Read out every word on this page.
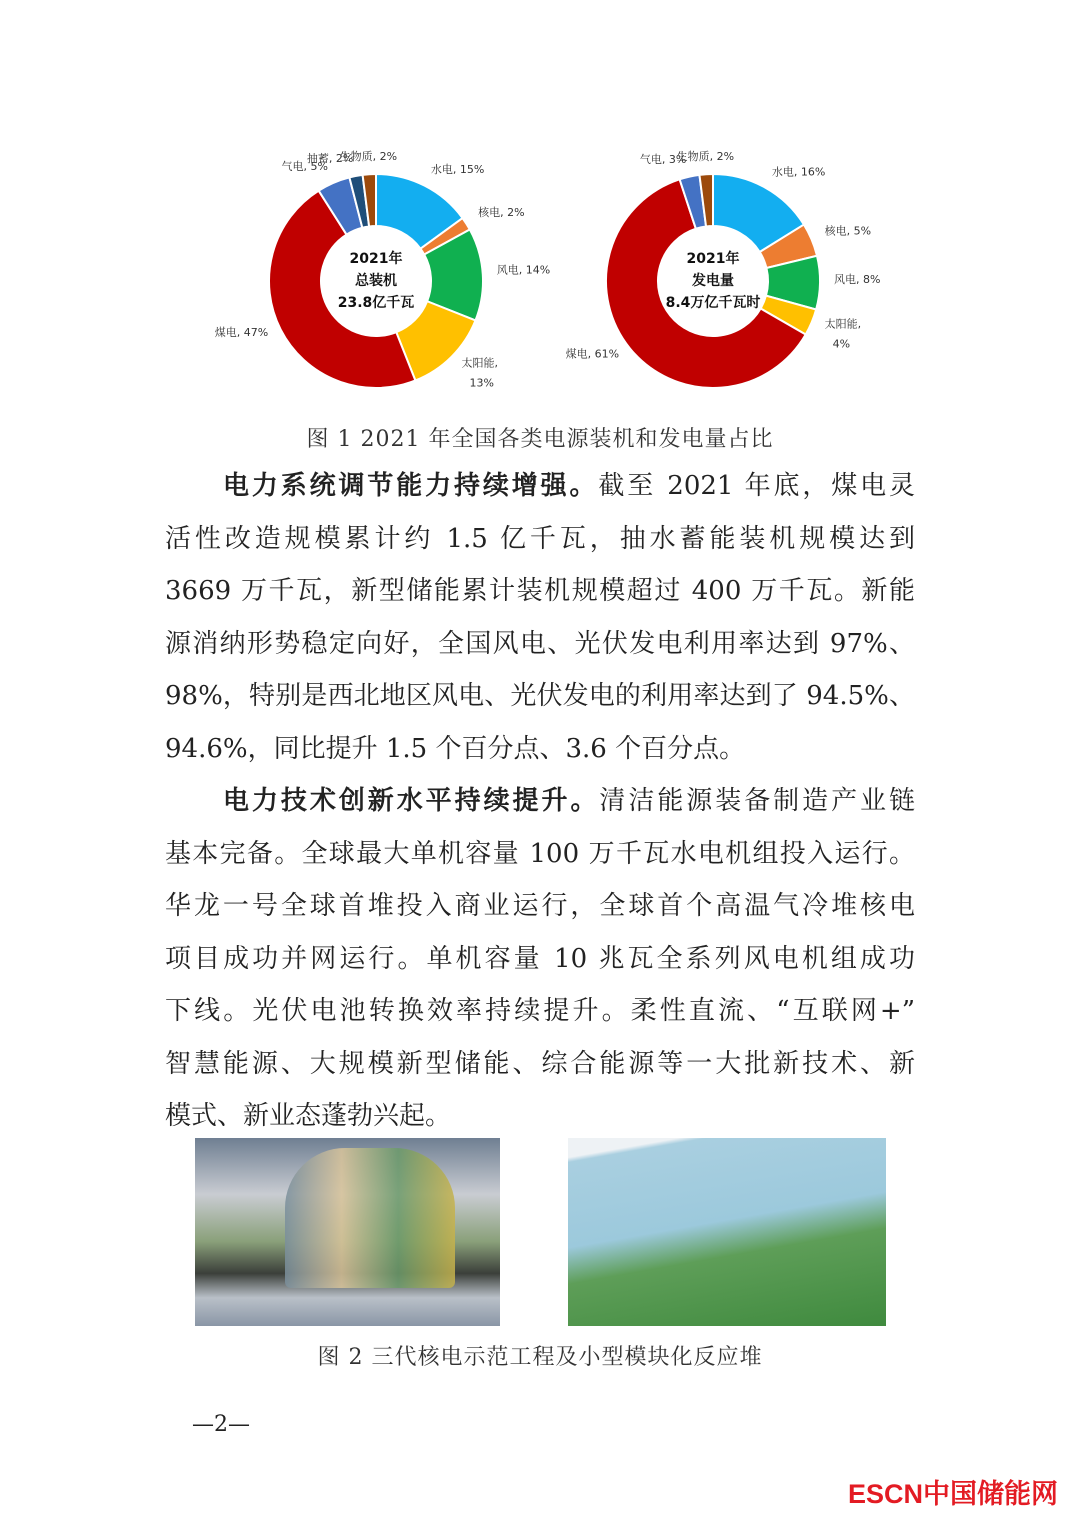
水电, 15%
核电, 2%
风电, 14%
太阳能,
13%
煤电, 47%
气电, 5%
抽蓄, 2%
生物质, 2%
2021年
总装机
23.8亿千瓦
水电, 16%
核电, 5%
风电, 8%
太阳能,
4%
煤电, 61%
气电, 3%
生物质, 2%
2021年
发电量
8.4万亿千瓦时
图 1 2021 年全国各类电源装机和发电量占比
电力系统调节能力持续增强。截至 2021 年底，煤电灵
活性改造规模累计约 1.5 亿千瓦，抽水蓄能装机规模达到
3669 万千瓦，新型储能累计装机规模超过 400 万千瓦。新能
源消纳形势稳定向好，全国风电、光伏发电利用率达到 97%、
98%，特别是西北地区风电、光伏发电的利用率达到了 94.5%、
94.6%，同比提升 1.5 个百分点、3.6 个百分点。
电力技术创新水平持续提升。清洁能源装备制造产业链
基本完备。全球最大单机容量 100 万千瓦水电机组投入运行。
华龙一号全球首堆投入商业运行，全球首个高温气冷堆核电
项目成功并网运行。单机容量 10 兆瓦全系列风电机组成功
下线。光伏电池转换效率持续提升。柔性直流、“互联网+”
智慧能源、大规模新型储能、综合能源等一大批新技术、新
模式、新业态蓬勃兴起。
图 2 三代核电示范工程及小型模块化反应堆
—2—
ESCN中国储能网
